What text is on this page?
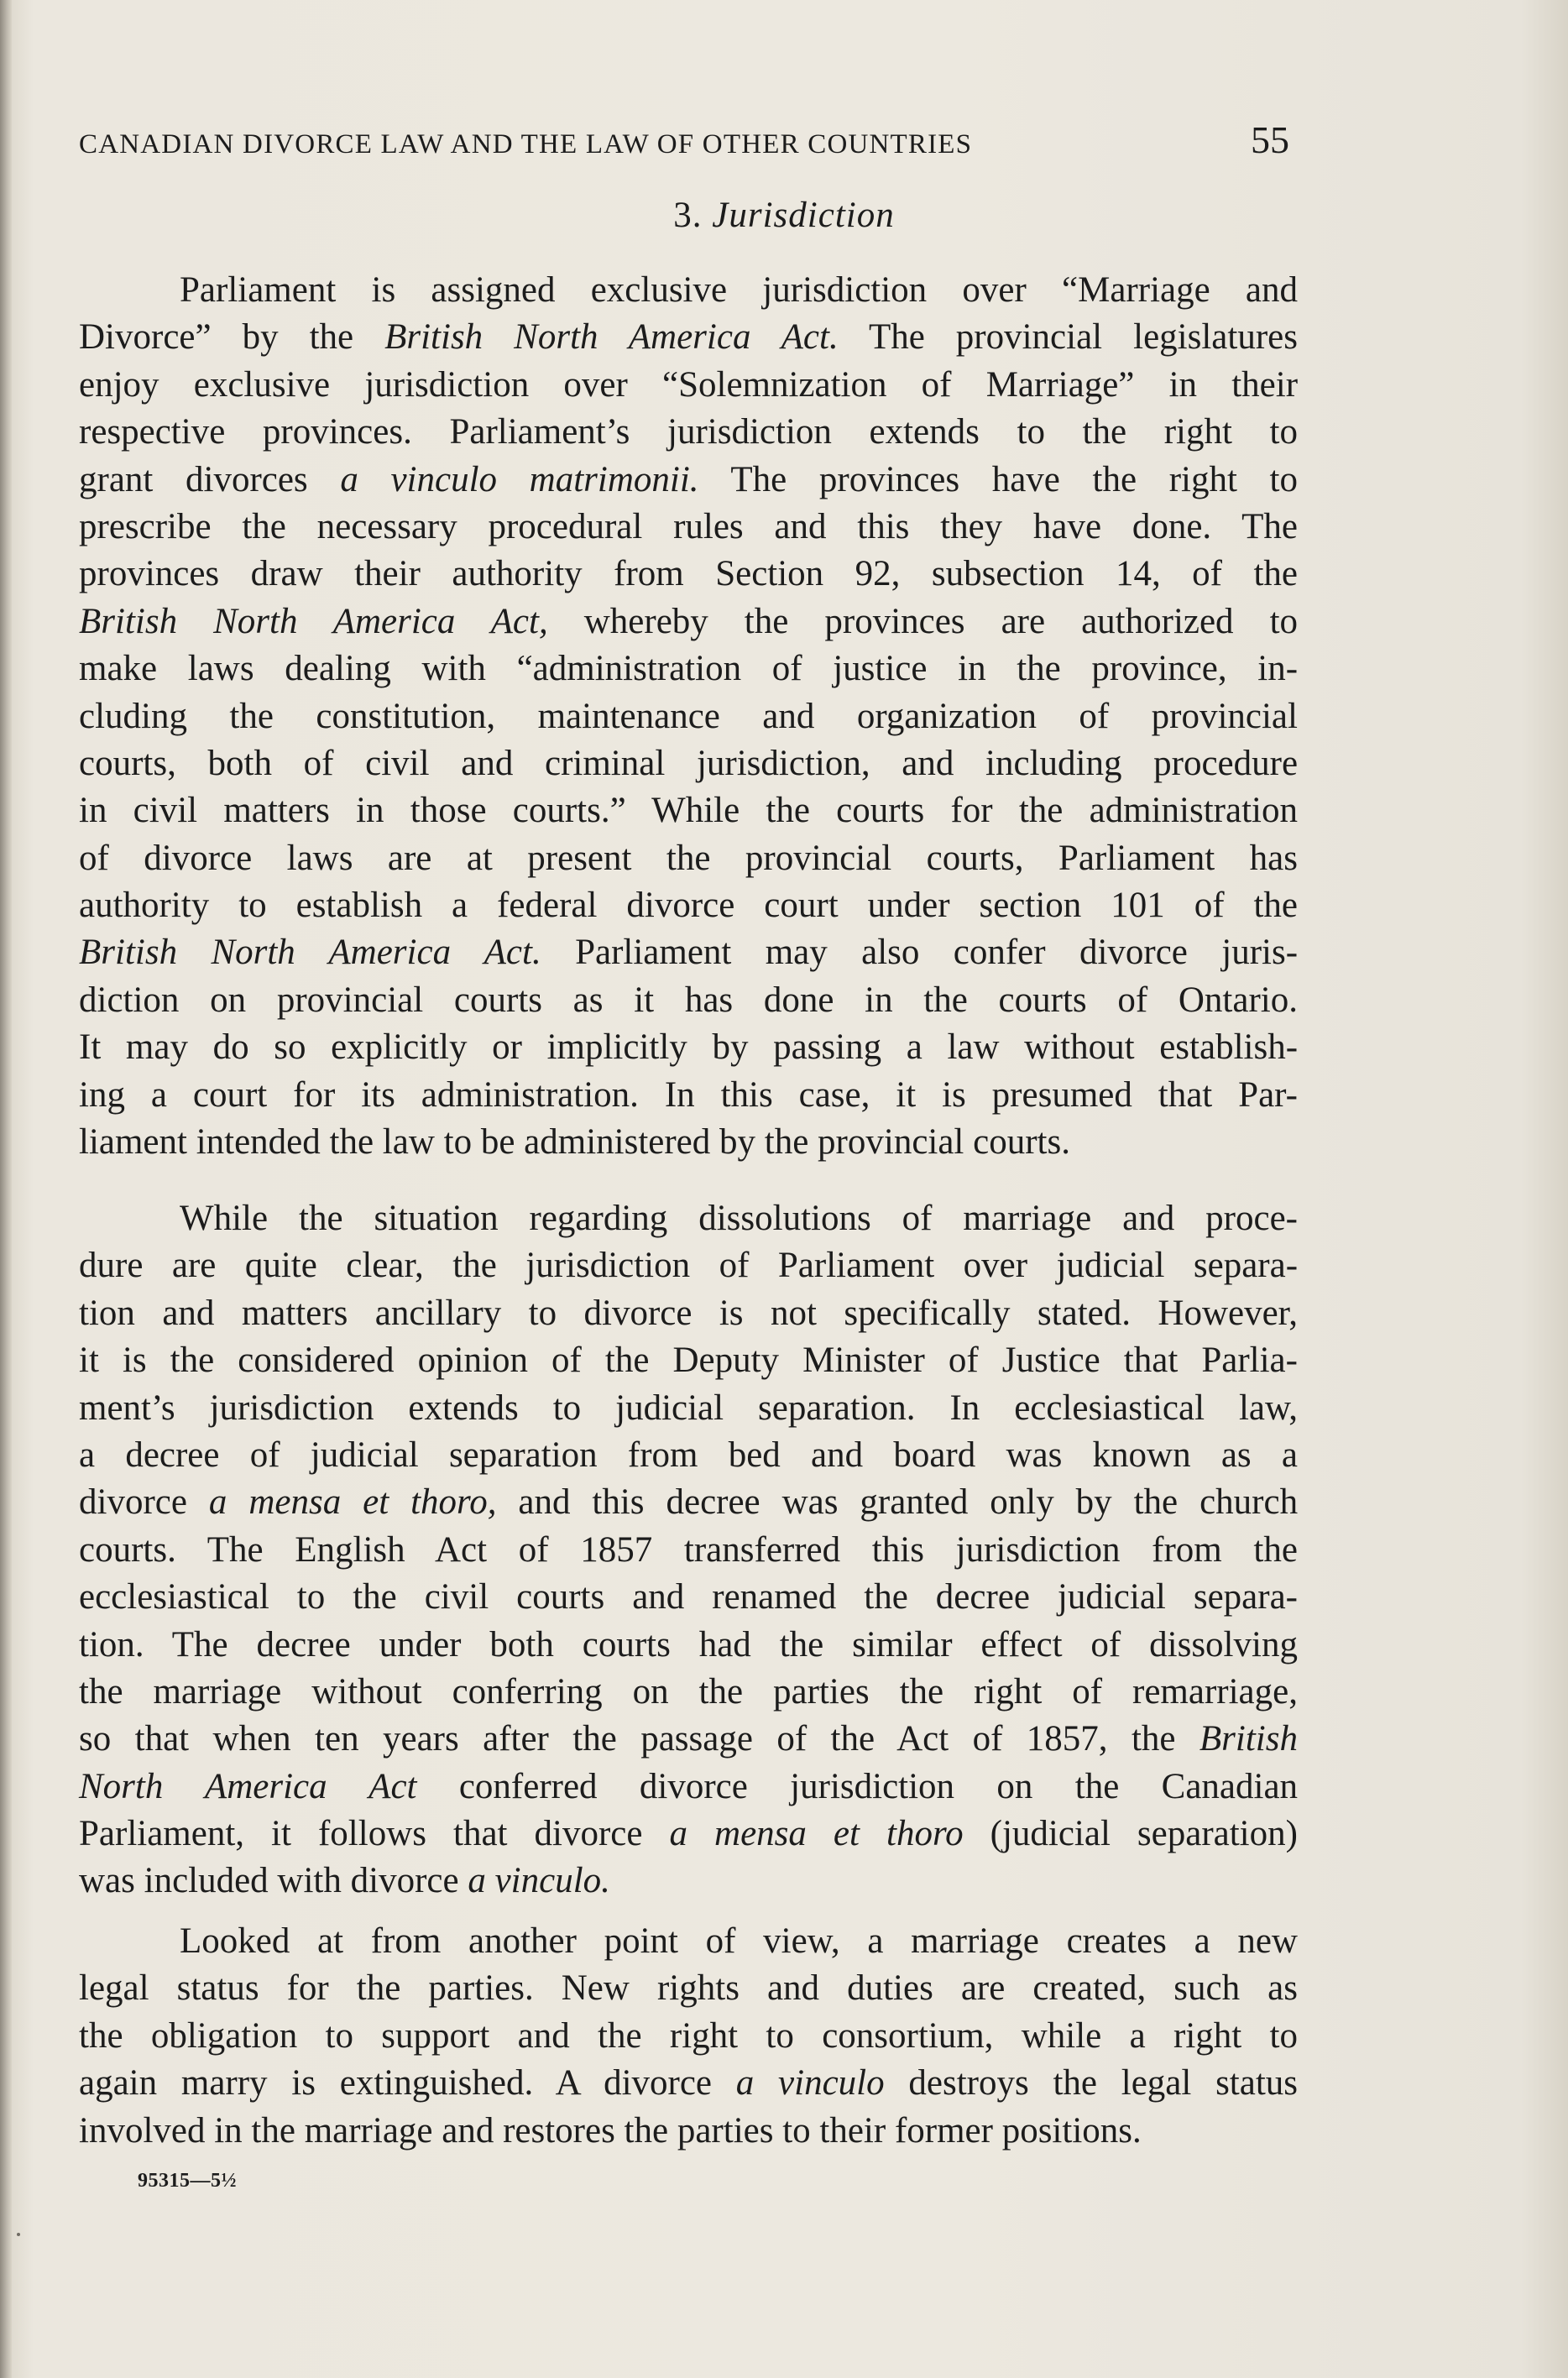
CANADIAN DIVORCE LAW AND THE LAW OF OTHER COUNTRIES	55
3. Jurisdiction
Parliament is assigned exclusive jurisdiction over “Marriage and
Divorce” by the British North America Act. The provincial legislatures
enjoy exclusive jurisdiction over “Solemnization of Marriage” in their
respective provinces. Parliament’s jurisdiction extends to the right to
grant divorces a vinculo matrimonii. The provinces have the right to
prescribe the necessary procedural rules and this they have done. The
provinces draw their authority from Section 92, subsection 14, of the
British North America Act, whereby the provinces are authorized to
make laws dealing with “administration of justice in the province, in-
cluding the constitution, maintenance and organization of provincial
courts, both of civil and criminal jurisdiction, and including procedure
in civil matters in those courts.” While the courts for the administration
of divorce laws are at present the provincial courts, Parliament has
authority to establish a federal divorce court under section 101 of the
British North America Act. Parliament may also confer divorce juris-
diction on provincial courts as it has done in the courts of Ontario.
It may do so explicitly or implicitly by passing a law without establish-
ing a court for its administration. In this case, it is presumed that Par-
liament intended the law to be administered by the provincial courts.
While the situation regarding dissolutions of marriage and proce-
dure are quite clear, the jurisdiction of Parliament over judicial separa-
tion and matters ancillary to divorce is not specifically stated. However,
it is the considered opinion of the Deputy Minister of Justice that Parlia-
ment’s jurisdiction extends to judicial separation. In ecclesiastical law,
a decree of judicial separation from bed and board was known as a
divorce a mensa et thoro, and this decree was granted only by the church
courts. The English Act of 1857 transferred this jurisdiction from the
ecclesiastical to the civil courts and renamed the decree judicial separa-
tion. The decree under both courts had the similar effect of dissolving
the marriage without conferring on the parties the right of remarriage,
so that when ten years after the passage of the Act of 1857, the British
North America Act conferred divorce jurisdiction on the Canadian
Parliament, it follows that divorce a mensa et thoro (judicial separation)
was included with divorce a vinculo.
Looked at from another point of view, a marriage creates a new
legal status for the parties. New rights and duties are created, such as
the obligation to support and the right to consortium, while a right to
again marry is extinguished. A divorce a vinculo destroys the legal status
involved in the marriage and restores the parties to their former positions.
95315—5½
